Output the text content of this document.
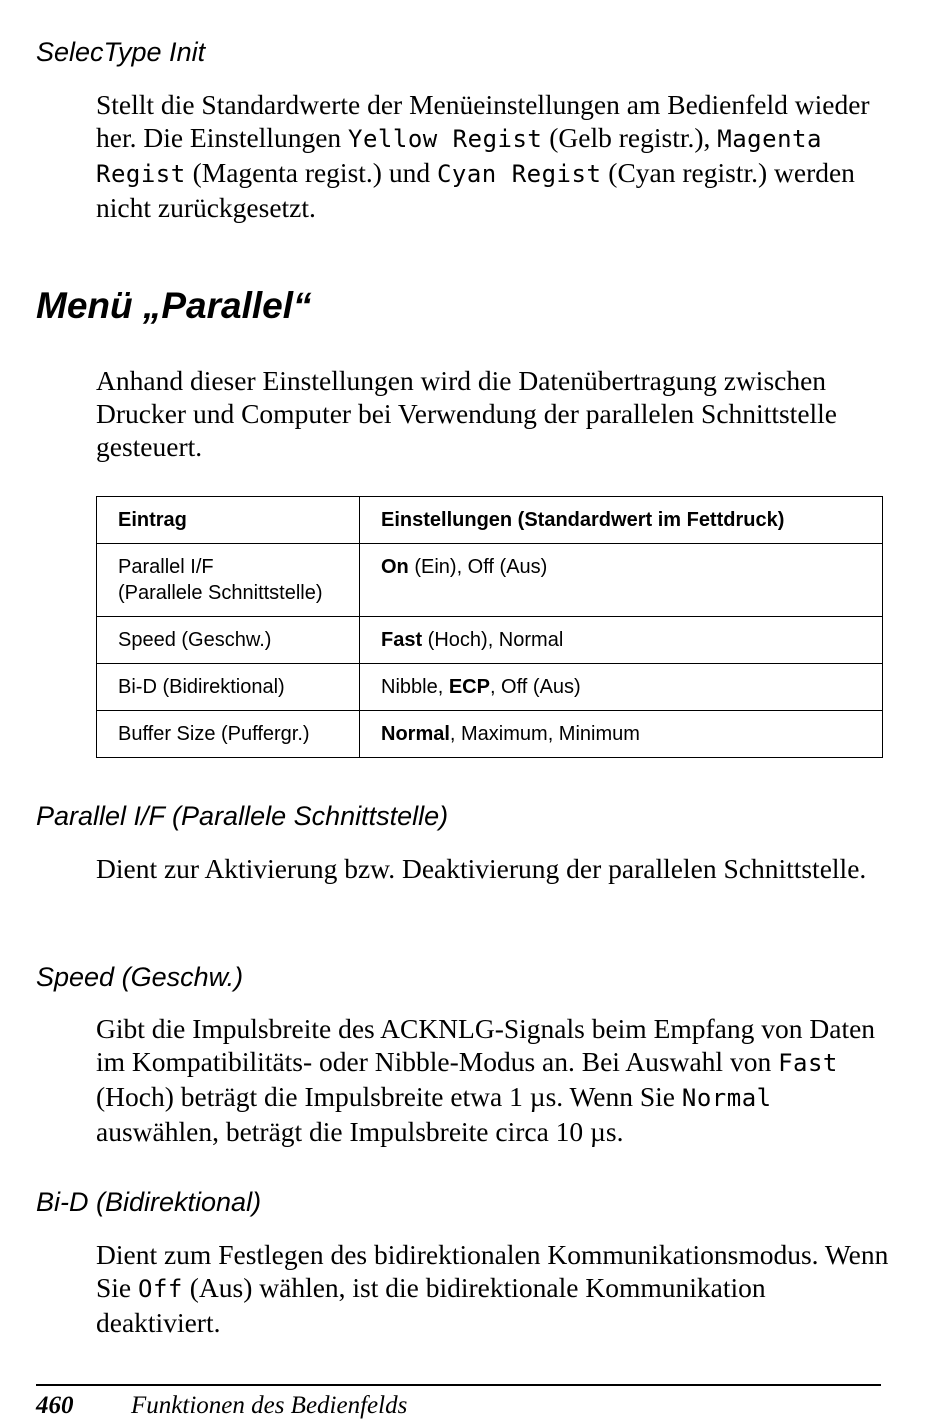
SelecType Init

Stellt die Standardwerte der Menüeinstellungen am Bedienfeld wieder her. Die Einstellungen Yellow Regist (Gelb registr.), Magenta Regist (Magenta regist.) und Cyan Regist (Cyan registr.) werden nicht zurückgesetzt.

Menü „Parallel“

Anhand dieser Einstellungen wird die Datenübertragung zwischen Drucker und Computer bei Verwendung der parallelen Schnittstelle gesteuert.

Eintrag	Einstellungen (Standardwert im Fettdruck)
Parallel I/F
(Parallele Schnittstelle)	On (Ein), Off (Aus)
Speed (Geschw.)	Fast (Hoch), Normal
Bi-D (Bidirektional)	Nibble, ECP, Off (Aus)
Buffer Size (Puffergr.)	Normal, Maximum, Minimum
Parallel I/F (Parallele Schnittstelle)

Dient zur Aktivierung bzw. Deaktivierung der parallelen Schnittstelle.

Speed (Geschw.)

Gibt die Impulsbreite des ACKNLG-Signals beim Empfang von Daten im Kompatibilitäts- oder Nibble-Modus an. Bei Auswahl von Fast (Hoch) beträgt die Impulsbreite etwa 1 µs. Wenn Sie Normal auswählen, beträgt die Impulsbreite circa 10 µs.

Bi-D (Bidirektional)

Dient zum Festlegen des bidirektionalen Kommunikationsmodus. Wenn Sie Off (Aus) wählen, ist die bidirektionale Kommunikation deaktiviert.

460 Funktionen des Bedienfelds
